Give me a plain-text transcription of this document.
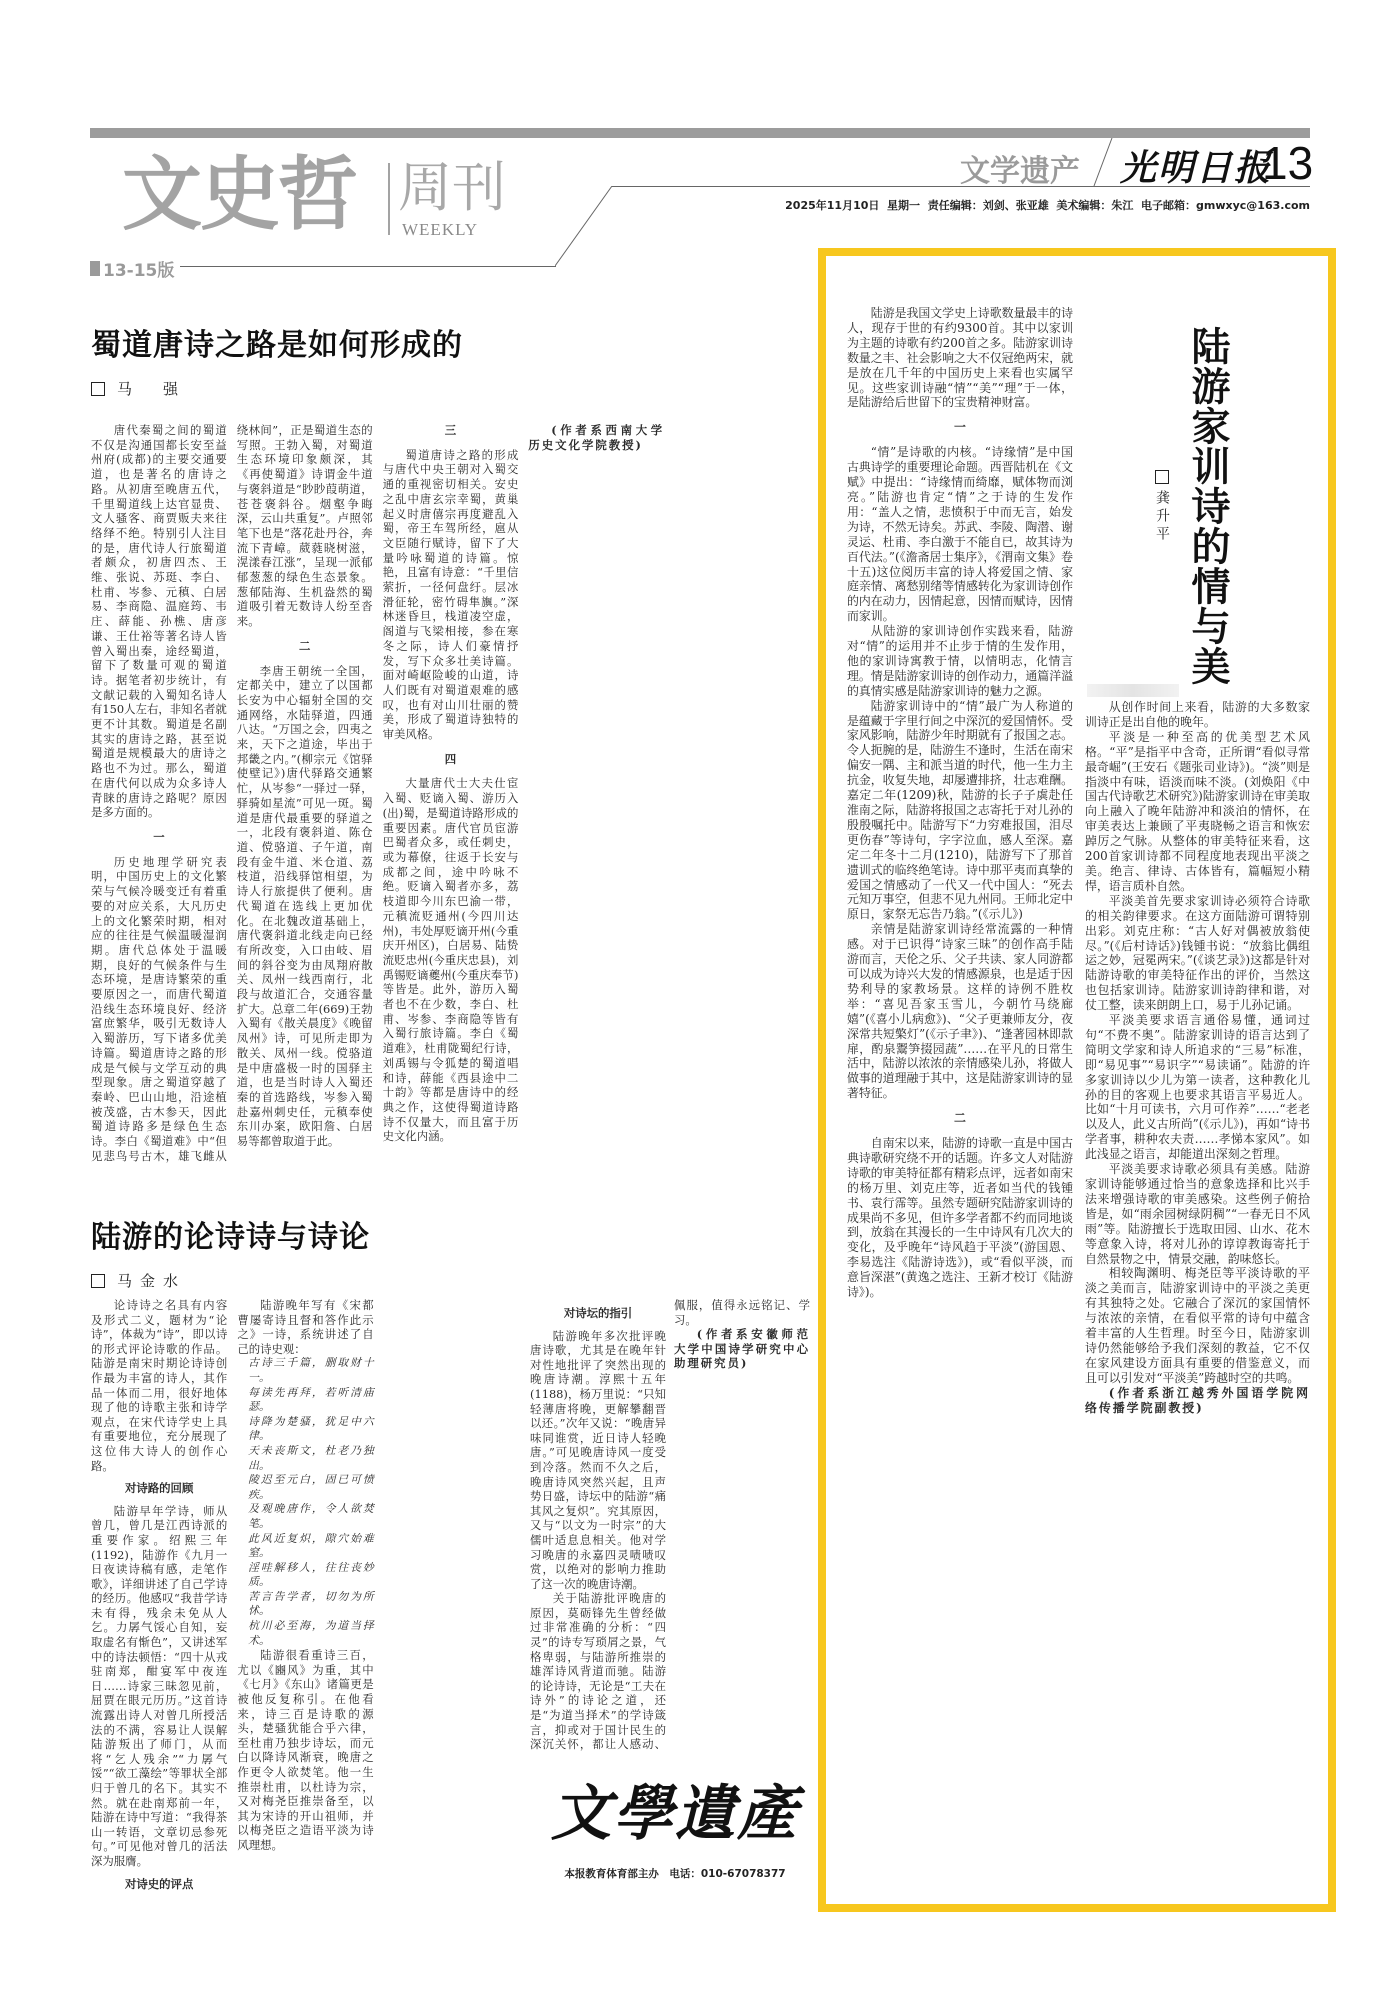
文史哲 周刊
WEEKLY
13-15版
文学遗产 光明日报
13
2025年11月10日  星期一  责任编辑：刘剑、张亚雄  美术编辑：朱江  电子邮箱：gmwxyc@163.com
蜀道唐诗之路是如何形成的
马　强

唐代秦蜀之间的蜀道不仅是沟通国都长安至益州府(成都)的主要交通要道，也是著名的唐诗之路。从初唐至晚唐五代，千里蜀道线上达官显贵、文人骚客、商贾贩夫来往络绎不绝。特别引人注目的是，唐代诗人行旅蜀道者颇众，初唐四杰、王维、张说、苏珽、李白、杜甫、岑参、元稹、白居易、李商隐、温庭筠、韦庄、薛能、孙樵、唐彦谦、王仕裕等著名诗人皆曾入蜀出秦，途经蜀道，留下了数量可观的蜀道诗。据笔者初步统计，有文献记载的入蜀知名诗人有150人左右，非知名者就更不计其数。蜀道是名副其实的唐诗之路，甚至说蜀道是规模最大的唐诗之路也不为过。那么，蜀道在唐代何以成为众多诗人青睐的唐诗之路呢？原因是多方面的。

一

历史地理学研究表明，中国历史上的文化繁荣与气候冷暖变迁有着重要的对应关系，大凡历史上的文化繁荣时期，相对应的往往是气候温暖湿润期。唐代总体处于温暖期，良好的气候条件与生态环境，是唐诗繁荣的重要原因之一，而唐代蜀道沿线生态环境良好、经济富庶繁华，吸引无数诗人入蜀游历，写下诸多优美诗篇。蜀道唐诗之路的形成是气候与文学互动的典型现象。唐之蜀道穿越了秦岭、巴山山地，沿途植被茂盛，古木参天，因此蜀道诗路多是绿色生态诗。李白《蜀道难》中“但见悲鸟号古木，雄飞雌从绕林间”，正是蜀道生态的写照。王勃入蜀，对蜀道生态环境印象颇深，其《再使蜀道》诗谓金牛道与褒斜道是“眇眇葭萌道，苍苍褒斜谷。烟壑争晦深，云山共重复”。卢照邻笔下也是“落花赴丹谷，奔流下青嶂。葳蕤晓树滋，滉漾春江涨”，呈现一派郁郁葱葱的绿色生态景象。葱郁陆海、生机盎然的蜀道吸引着无数诗人纷至沓来。

二

李唐王朝统一全国，定都关中，建立了以国都长安为中心辐射全国的交通网络，水陆驿道，四通八达。“万国之会，四夷之来，天下之道途，毕出于邦畿之内。”(柳宗元《馆驿使壁记》)唐代驿路交通繁忙，从岑参“一驿过一驿，驿骑如星流”可见一斑。蜀道是唐代最重要的驿道之一，北段有褒斜道、陈仓道、傥骆道、子午道，南段有金牛道、米仓道、荔枝道，沿线驿馆相望，为诗人行旅提供了便利。唐代蜀道在选线上更加优化。在北魏改道基础上，唐代褒斜道北线走向已经有所改变，入口由岐、眉间的斜谷变为由凤翔府散关、凤州一线西南行，北段与故道汇合，交通容量扩大。总章二年(669)王勃入蜀有《散关晨度》《晚留凤州》诗，可见所走即为散关、凤州一线。傥骆道是中唐盛极一时的国驿主道，也是当时诗人入蜀还秦的首选路线，岑参入蜀赴嘉州刺史任，元稹奉使东川办案，欧阳詹、白居易等都曾取道于此。

三

蜀道唐诗之路的形成与唐代中央王朝对入蜀交通的重视密切相关。安史之乱中唐玄宗幸蜀，黄巢起义时唐僖宗再度避乱入蜀，帝王车驾所经，扈从文臣随行赋诗，留下了大量吟咏蜀道的诗篇。惊艳，且富有诗意：“千里信萦折，一径何盘纡。层冰滑征轮，密竹碍隼旟。”深林迷昏旦，栈道凌空虚，阁道与飞梁相接，参在寒冬之际，诗人们豪情抒发，写下众多壮美诗篇。面对崎岖险峻的山道，诗人们既有对蜀道艰难的感叹，也有对山川壮丽的赞美，形成了蜀道诗独特的审美风格。

四

大量唐代士大夫仕宦入蜀、贬谪入蜀、游历入(出)蜀，是蜀道诗路形成的重要因素。唐代官员宦游巴蜀者众多，或任刺史，或为幕僚，往返于长安与成都之间，途中吟咏不绝。贬谪入蜀者亦多，荔枝道即今川东巴渝一带，元稹流贬通州(今四川达州)，韦处厚贬谪开州(今重庆开州区)，白居易、陆贽流贬忠州(今重庆忠县)，刘禹锡贬谪夔州(今重庆奉节)等皆是。此外，游历入蜀者也不在少数，李白、杜甫、岑参、李商隐等皆有入蜀行旅诗篇。李白《蜀道难》，杜甫陇蜀纪行诗，刘禹锡与令狐楚的蜀道唱和诗，薛能《西县途中二十韵》等都是唐诗中的经典之作，这使得蜀道诗路诗不仅量大，而且富于历史文化内涵。

(作者系西南大学历史文化学院教授)

陆游的论诗诗与诗论
马金水

论诗诗之名具有内容及形式二义，题材为“论诗”，体裁为“诗”，即以诗的形式评论诗歌的作品。陆游是南宋时期论诗诗创作最为丰富的诗人，其作品一体而二用，很好地体现了他的诗歌主张和诗学观点，在宋代诗学史上具有重要地位，充分展现了这位伟大诗人的创作心路。

对诗路的回顾

陆游早年学诗，师从曾几，曾几是江西诗派的重要作家。绍熙三年(1192)，陆游作《九月一日夜读诗稿有感，走笔作歌》，详细讲述了自己学诗的经历。他感叹“我昔学诗未有得，残余未免从人乞。力孱气馁心自知，妄取虚名有惭色”，又讲述军中的诗法顿悟：“四十从戎驻南郑，酣宴军中夜连日……诗家三昧忽见前，屈贾在眼元历历。”这首诗流露出诗人对曾几所授活法的不满，容易让人误解陆游叛出了师门，从而将“乞人残余”“力孱气馁”“欲工藻绘”等罪状全部归于曾几的名下。其实不然。就在赴南郑前一年，陆游在诗中写道：“我得茶山一转语，文章切忌参死句。”可见他对曾几的活法深为服膺。

对诗史的评点

陆游晚年写有《宋都曹屡寄诗且督和答作此示之》一诗，系统讲述了自己的诗史观：

古诗三千篇，删取财十一。

每读先再拜，若听清庙瑟。

诗降为楚骚，犹足中六律。

天未丧斯文，杜老乃独出。

陵迟至元白，固已可愤疾。

及观晚唐作，令人欲焚笔。

此风近复炽，隙穴始难窒。

淫哇解移人，往往丧妙质。

苦言告学者，切勿为所怵。

杭川必至海，为道当择术。

陆游很看重诗三百，尤以《豳风》为重，其中《七月》《东山》诸篇更是被他反复称引。在他看来，诗三百是诗歌的源头，楚骚犹能合乎六律，至杜甫乃独步诗坛，而元白以降诗风渐衰，晚唐之作更令人欲焚笔。他一生推崇杜甫，以杜诗为宗，又对梅尧臣推崇备至，以其为宋诗的开山祖师，并以梅尧臣之造语平淡为诗风理想。

对诗坛的指引

陆游晚年多次批评晚唐诗歌，尤其是在晚年针对性地批评了突然出现的晚唐诗潮。淳熙十五年(1188)，杨万里说：“只知轻薄唐将晚，更解攀翻晋以还。”次年又说：“晚唐异味同谁赏，近日诗人轻晚唐。”可见晚唐诗风一度受到冷落。然而不久之后，晚唐诗风突然兴起，且声势日盛，诗坛中的陆游“痛其风之复炽”。究其原因，又与“以文为一时宗”的大儒叶适息息相关。他对学习晚唐的永嘉四灵啧啧叹赏，以绝对的影响力推助了这一次的晚唐诗潮。

关于陆游批评晚唐的原因，莫砺锋先生曾经做过非常准确的分析：“四灵”的诗专写琐屑之景，气格卑弱，与陆游所推崇的雄浑诗风背道而驰。陆游的论诗诗，无论是“工夫在诗外”的诗论之道，还是“为道当择术”的学诗箴言，抑或对于国计民生的深沉关怀，都让人感动、佩服，值得永远铭记、学习。

(作者系安徽师范大学中国诗学研究中心助理研究员)

文學遺產
本报教育体育部主办　电话：010-67078377
陆游家训诗的情与美
龚升平

陆游是我国文学史上诗歌数量最丰的诗人，现存于世的有约9300首。其中以家训为主题的诗歌有约200首之多。陆游家训诗数量之丰、社会影响之大不仅冠绝两宋，就是放在几千年的中国历史上来看也实属罕见。这些家训诗融“情”“美”“理”于一体，是陆游给后世留下的宝贵精神财富。

一

“情”是诗歌的内核。“诗缘情”是中国古典诗学的重要理论命题。西晋陆机在《文赋》中提出：“诗缘情而绮靡，赋体物而浏亮。”陆游也肯定“情”之于诗的生发作用：“盖人之情，悲愤积于中而无言，始发为诗，不然无诗矣。苏武、李陵、陶潜、谢灵运、杜甫、李白激于不能自已，故其诗为百代法。”(《澹斋居士集序》，《渭南文集》卷十五)这位阅历丰富的诗人将爱国之情、家庭亲情、离愁别绪等情感转化为家训诗创作的内在动力，因情起意，因情而赋诗，因情而家训。

从陆游的家训诗创作实践来看，陆游对“情”的运用并不止步于情的生发作用，他的家训诗寓教于情，以情明志，化情言理。情是陆游家训诗的创作动力，通篇洋溢的真情实感是陆游家训诗的魅力之源。

陆游家训诗中的“情”最广为人称道的是蕴藏于字里行间之中深沉的爱国情怀。受家风影响，陆游少年时期就有了报国之志。令人扼腕的是，陆游生不逢时，生活在南宋偏安一隅、主和派当道的时代，他一生力主抗金，收复失地，却屡遭排挤，壮志难酬。嘉定二年(1209)秋，陆游的长子子虡赴任淮南之际，陆游将报国之志寄托于对儿孙的殷殷嘱托中。陆游写下“力穷难报国，泪尽更伤春”等诗句，字字泣血，感人至深。嘉定二年冬十二月(1210)，陆游写下了那首遗训式的临终绝笔诗。诗中那平夷而真挚的爱国之情感动了一代又一代中国人：“死去元知万事空，但悲不见九州同。王师北定中原日，家祭无忘告乃翁。”(《示儿》)

亲情是陆游家训诗经常流露的一种情感。对于已识得“诗家三昧”的创作高手陆游而言，天伦之乐、父子共读、家人同游都可以成为诗兴大发的情感源泉，也是适于因势利导的家教场景。这样的诗例不胜枚举：“喜见吾家玉雪儿，今朝竹马绕廊嬉”(《喜小儿病愈》)、“父子更兼师友分，夜深常共短檠灯”(《示子聿》)、“逢著园林即款扉，酌泉鬻笋掇园蔬”……在平凡的日常生活中，陆游以浓浓的亲情感染儿孙，将做人做事的道理融于其中，这是陆游家训诗的显著特征。

二

自南宋以来，陆游的诗歌一直是中国古典诗歌研究绕不开的话题。许多文人对陆游诗歌的审美特征都有精彩点评，远者如南宋的杨万里、刘克庄等，近者如当代的钱锺书、袁行霈等。虽然专题研究陆游家训诗的成果尚不多见，但许多学者都不约而同地谈到，放翁在其漫长的一生中诗风有几次大的变化，及乎晚年“诗风趋于平淡”(游国恩、李易选注《陆游诗选》)，或“看似平淡，而意旨深湛”(黄逸之选注、王新才校订《陆游诗》)。

从创作时间上来看，陆游的大多数家训诗正是出自他的晚年。

平淡是一种至高的优美型艺术风格。“平”是指平中含奇，正所谓“看似寻常最奇崛”(王安石《题张司业诗》)。“淡”则是指淡中有味，语淡而味不淡。(刘焕阳《中国古代诗歌艺术研究》)陆游家训诗在审美取向上融入了晚年陆游冲和淡泊的情怀，在审美表达上兼顾了平夷晓畅之语言和恢宏踔厉之气脉。从整体的审美特征来看，这200首家训诗都不同程度地表现出平淡之美。绝言、律诗、古体皆有，篇幅短小精悍，语言质朴自然。

平淡美首先要求家训诗必须符合诗歌的相关韵律要求。在这方面陆游可谓特别出彩。刘克庄称：“古人好对偶被放翁使尽。”(《后村诗话》)钱锺书说：“放翁比偶组运之妙，冠冕两宋。”(《谈艺录》)这都是针对陆游诗歌的审美特征作出的评价，当然这也包括家训诗。陆游家训诗韵律和谐，对仗工整，读来朗朗上口，易于儿孙记诵。

平淡美要求语言通俗易懂，通词过句“不费不奥”。陆游家训诗的语言达到了简明文学家和诗人所追求的“三易”标准，即“易见事”“易识字”“易读诵”。陆游的许多家训诗以少儿为第一读者，这种教化儿孙的目的客观上也要求其语言平易近人。比如“十月可读书，六月可作养”……“老老以及人，此义古所尚”(《示儿》)，再如“诗书学者事，耕种农夫责……孝悌本家风”。如此浅显之语言，却能道出深刻之哲理。

平淡美要求诗歌必须具有美感。陆游家训诗能够通过恰当的意象选择和比兴手法来增强诗歌的审美感染。这些例子俯拾皆是，如“雨余园树绿阴稠”“一春无日不风雨”等。陆游擅长于选取田园、山水、花木等意象入诗，将对儿孙的谆谆教诲寄托于自然景物之中，情景交融，韵味悠长。

相较陶渊明、梅尧臣等平淡诗歌的平淡之美而言，陆游家训诗中的平淡之美更有其独特之处。它融合了深沉的家国情怀与浓浓的亲情，在看似平常的诗句中蕴含着丰富的人生哲理。时至今日，陆游家训诗仍然能够给予我们深刻的教益，它不仅在家风建设方面具有重要的借鉴意义，而且可以引发对“平淡美”跨越时空的共鸣。

(作者系浙江越秀外国语学院网络传播学院副教授)
